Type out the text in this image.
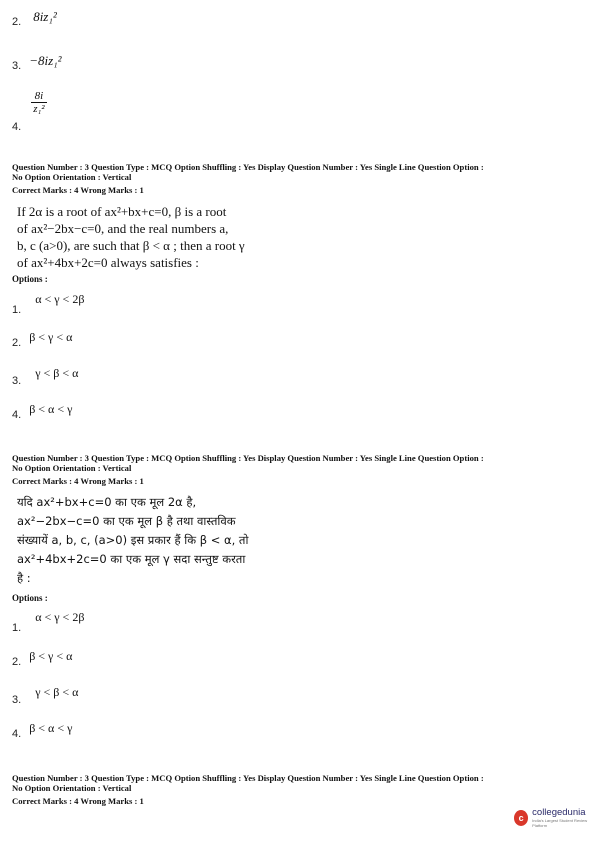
2. $^{8iz_1^2}$
3. $^{-8iz_1^2}$
$_{4.}$
$\frac{8i}{\text{z₁²}}$
Question Number : 3 Question Type : MCQ Option Shuffling : Yes Display Question Number : Yes Single Line Question Option :
No Option Orientation : Vertical
Correct Marks : 4 Wrong Marks : 1
If 2α is a root of ax²+bx+c=0, β is a root
of ax²−2bx−c=0, and the real numbers a,
b, c (a>0), are such that β < α ; then a root γ
of ax²+4bx+2c=0 always satisfies :
Options :
$_{1.}$ α < γ < 2β
$_{2.}$ β < γ < α
$_{3.}$ γ < β < α
$_{4.}$ β < α < γ
Question Number : 3 Question Type : MCQ Option Shuffling : Yes Display Question Number : Yes Single Line Question Option :
No Option Orientation : Vertical
Correct Marks : 4 Wrong Marks : 1
यदि ax²+bx+c=0 का एक मूल 2α है,
ax²−2bx−c=0 का एक मूल β है तथा वास्तविक
संख्यायें a, b, c, (a>0) इस प्रकार हैं कि β < α, तो
ax²+4bx+2c=0 का एक मूल γ सदा सन्तुष्ट करता
है :
Options :
$_{1.}$ α < γ < 2β
$_{2.}$ β < γ < α
$_{3.}$ γ < β < α
$_{4.}$ β < α < γ
Question Number : 3 Question Type : MCQ Option Shuffling : Yes Display Question Number : Yes Single Line Question Option :
No Option Orientation : Vertical
Correct Marks : 4 Wrong Marks : 1
c collegedunia
India's Largest Student Review Platform
